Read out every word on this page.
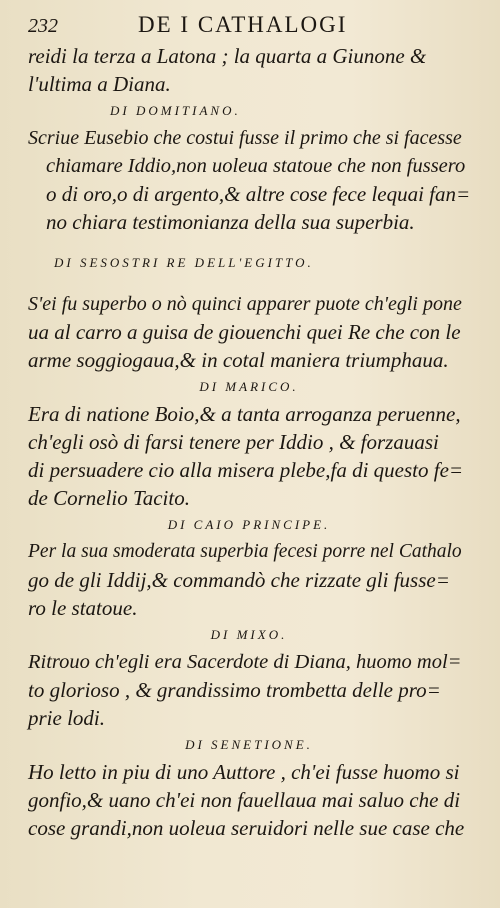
232	DE I CATHALOGI
reidi la terza a Latona ; la quarta a Giunone &
l'ultima a Diana.
DI DOMITIANO.
Scriue Eusebio che costui fusse il primo che si facesse
chiamare Iddio,non uoleua statoue che non fussero
o di oro,o di argento,& altre cose fece lequai fan=
no chiara testimonianza della sua superbia.
DI SESOSTRI RE DELL'EGITTO.
S'ei fu superbo o nò quinci apparer puote ch'egli pone
ua al carro a guisa de giouenchi quei Re che con le
arme soggiogaua,& in cotal maniera triumphaua.
DI MARICO.
Era di natione Boio,& a tanta arroganza peruenne,
ch'egli osò di farsi tenere per Iddio , & forzauasi
di persuadere cio alla misera plebe,fa di questo fe=
de Cornelio Tacito.
DI CAIO PRINCIPE.
Per la sua smoderata superbia fecesi porre nel Cathalo
go de gli Iddij,& commandò che rizzate gli fusse=
ro le statoue.
DI MIXO.
Ritrouo ch'egli era Sacerdote di Diana, huomo mol=
to glorioso , & grandissimo trombetta delle pro=
prie lodi.
DI SENETIONE.
Ho letto in piu di uno Auttore , ch'ei fusse huomo si
gonfio,& uano ch'ei non fauellaua mai saluo che di
cose grandi,non uoleua seruidori nelle sue case che
